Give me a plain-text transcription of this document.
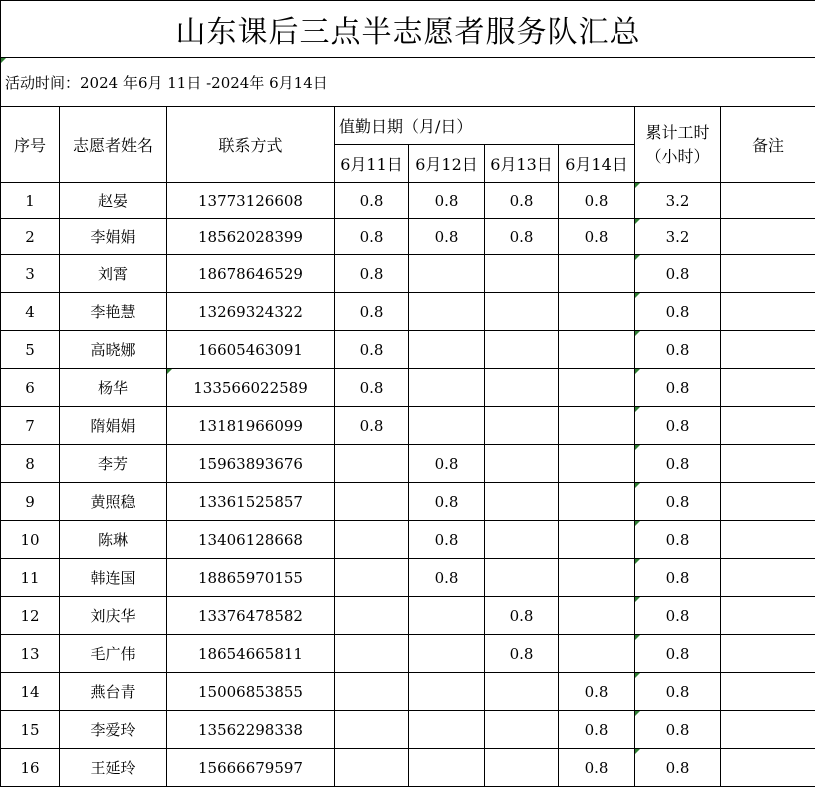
山东课后三点半志愿者服务队汇总								
活动时间：2024 年6月 11日 -2024年 6月14日								
序号	志愿者姓名	联系方式	值勤日期（月/日）				累计工时（小时）	备注
			6月11日	6月12日	6月13日	6月14日		
1	赵晏	13773126608	0.8	0.8	0.8	0.8	3.2	
2	李娟娟	18562028399	0.8	0.8	0.8	0.8	3.2	
3	刘霄	18678646529	0.8				0.8	
4	李艳慧	13269324322	0.8				0.8	
5	高晓娜	16605463091	0.8				0.8	
6	杨华	133566022589	0.8				0.8	
7	隋娟娟	13181966099	0.8				0.8	
8	李芳	15963893676		0.8			0.8	
9	黄照稳	13361525857		0.8			0.8	
10	陈琳	13406128668		0.8			0.8	
11	韩连国	18865970155		0.8			0.8	
12	刘庆华	13376478582			0.8		0.8	
13	毛广伟	18654665811			0.8		0.8	
14	燕台青	15006853855				0.8	0.8	
15	李爱玲	13562298338				0.8	0.8	
16	王延玲	15666679597				0.8	0.8	
